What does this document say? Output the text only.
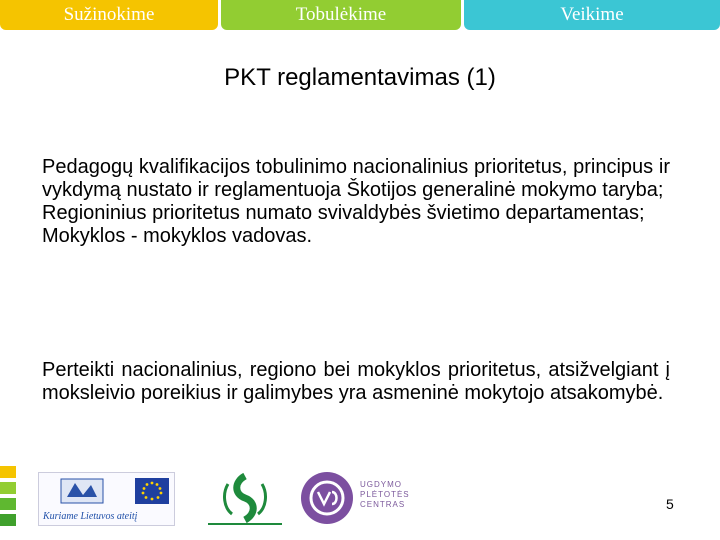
Sužinokime	Tobulėkime	Veikime
PKT reglamentavimas (1)

Pedagogų kvalifikacijos tobulinimo nacionalinius prioritetus, principus ir vykdymą nustato ir reglamentuoja Škotijos generalinė mokymo taryba;

Regioninius prioritetus numato svivaldybės švietimo departamentas;

Mokyklos - mokyklos vadovas.

Perteikti nacionalinius, regiono bei mokyklos prioritetus, atsižvelgiant į moksleivio poreikius ir galimybes yra asmeninė mokytojo atsakomybė.

Kuriame Lietuvos ateitį
UGDYMO PLĖTOTĖS CENTRAS	5
